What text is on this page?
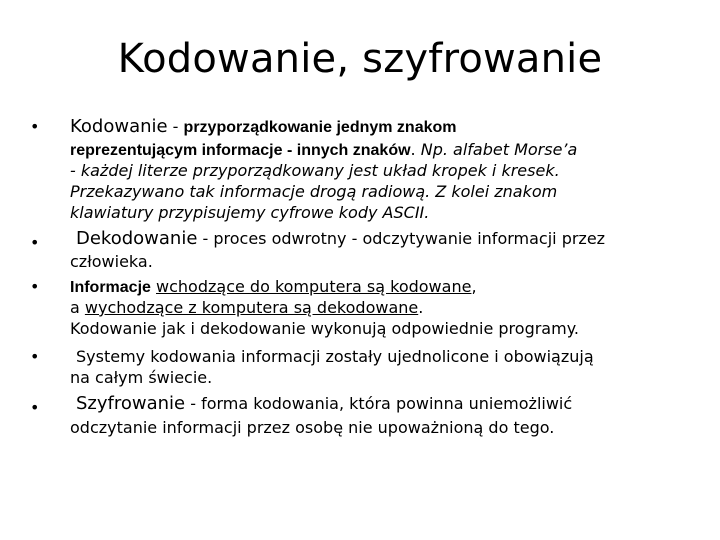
Kodowanie, szyfrowanie
• Kodowanie - przyporządkowanie jednym znakom
reprezentującym informacje - innych znaków. Np. alfabet Morse’a
- każdej literze przyporządkowany jest układ kropek i kresek.
Przekazywano tak informacje drogą radiową. Z kolei znakom
klawiatury przypisujemy cyfrowe kody ASCII.
• Dekodowanie - proces odwrotny - odczytywanie informacji przez
człowieka.
• Informacje wchodzące do komputera są kodowane,
a wychodzące z komputera są dekodowane.
Kodowanie jak i dekodowanie wykonują odpowiednie programy.
• Systemy kodowania informacji zostały ujednolicone i obowiązują
na całym świecie.
• Szyfrowanie - forma kodowania, która powinna uniemożliwić
odczytanie informacji przez osobę nie upoważnioną do tego.
